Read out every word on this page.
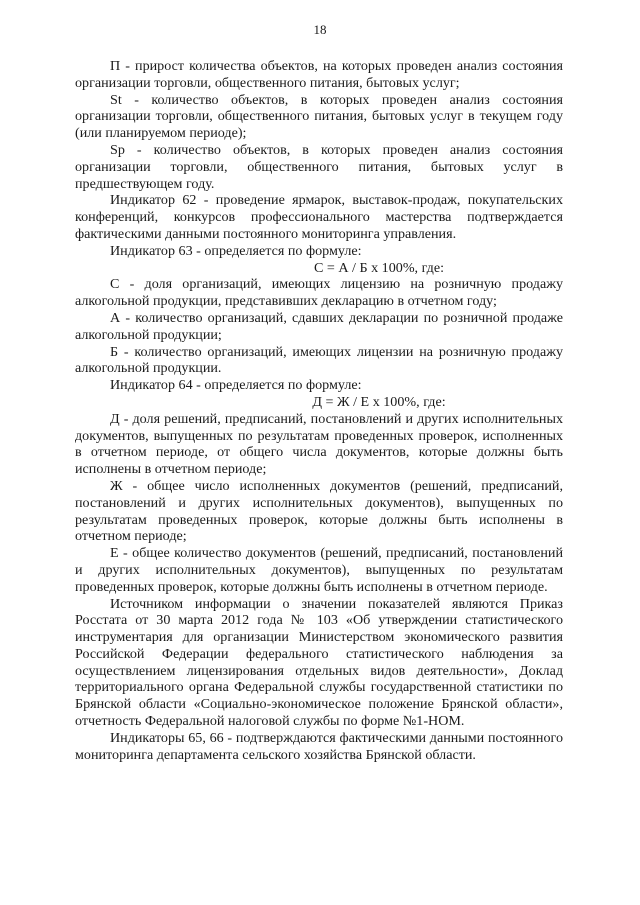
18

П - прирост количества объектов, на которых проведен анализ состояния организации торговли, общественного питания, бытовых услуг;

St - количество объектов, в которых проведен анализ состояния организации торговли, общественного питания, бытовых услуг в текущем году (или планируемом периоде);

Sp - количество объектов, в которых проведен анализ состояния организации торговли, общественного питания, бытовых услуг в предшествующем году.

Индикатор 62 - проведение ярмарок, выставок-продаж, покупательских конференций, конкурсов профессионального мастерства подтверждается фактическими данными постоянного мониторинга управления.

Индикатор 63 - определяется по формуле:

С = А / Б х 100%, где:

С - доля организаций, имеющих лицензию на розничную продажу алкогольной продукции, представивших декларацию в отчетном году;

А - количество организаций, сдавших декларации по розничной продаже алкогольной продукции;

Б - количество организаций, имеющих лицензии на розничную продажу алкогольной продукции.

Индикатор 64 - определяется по формуле:

Д = Ж / Е х 100%, где:

Д - доля решений, предписаний, постановлений и других исполнительных документов, выпущенных по результатам проведенных проверок, исполненных в отчетном периоде, от общего числа документов, которые должны быть исполнены в отчетном периоде;

Ж - общее число исполненных документов (решений, предписаний, постановлений и других исполнительных документов), выпущенных по результатам проведенных проверок, которые должны быть исполнены в отчетном периоде;

Е - общее количество документов (решений, предписаний, постановлений и других исполнительных документов), выпущенных по результатам проведенных проверок, которые должны быть исполнены в отчетном периоде.

Источником информации о значении показателей являются Приказ Росстата от 30 марта 2012 года № 103 «Об утверждении статистического инструментария для организации Министерством экономического развития Российской Федерации федерального статистического наблюдения за осуществлением лицензирования отдельных видов деятельности», Доклад территориального органа Федеральной службы государственной статистики по Брянской области «Социально-экономическое положение Брянской области», отчетность Федеральной налоговой службы по форме №1-НОМ.

Индикаторы 65, 66 - подтверждаются фактическими данными постоянного мониторинга департамента сельского хозяйства Брянской области.
